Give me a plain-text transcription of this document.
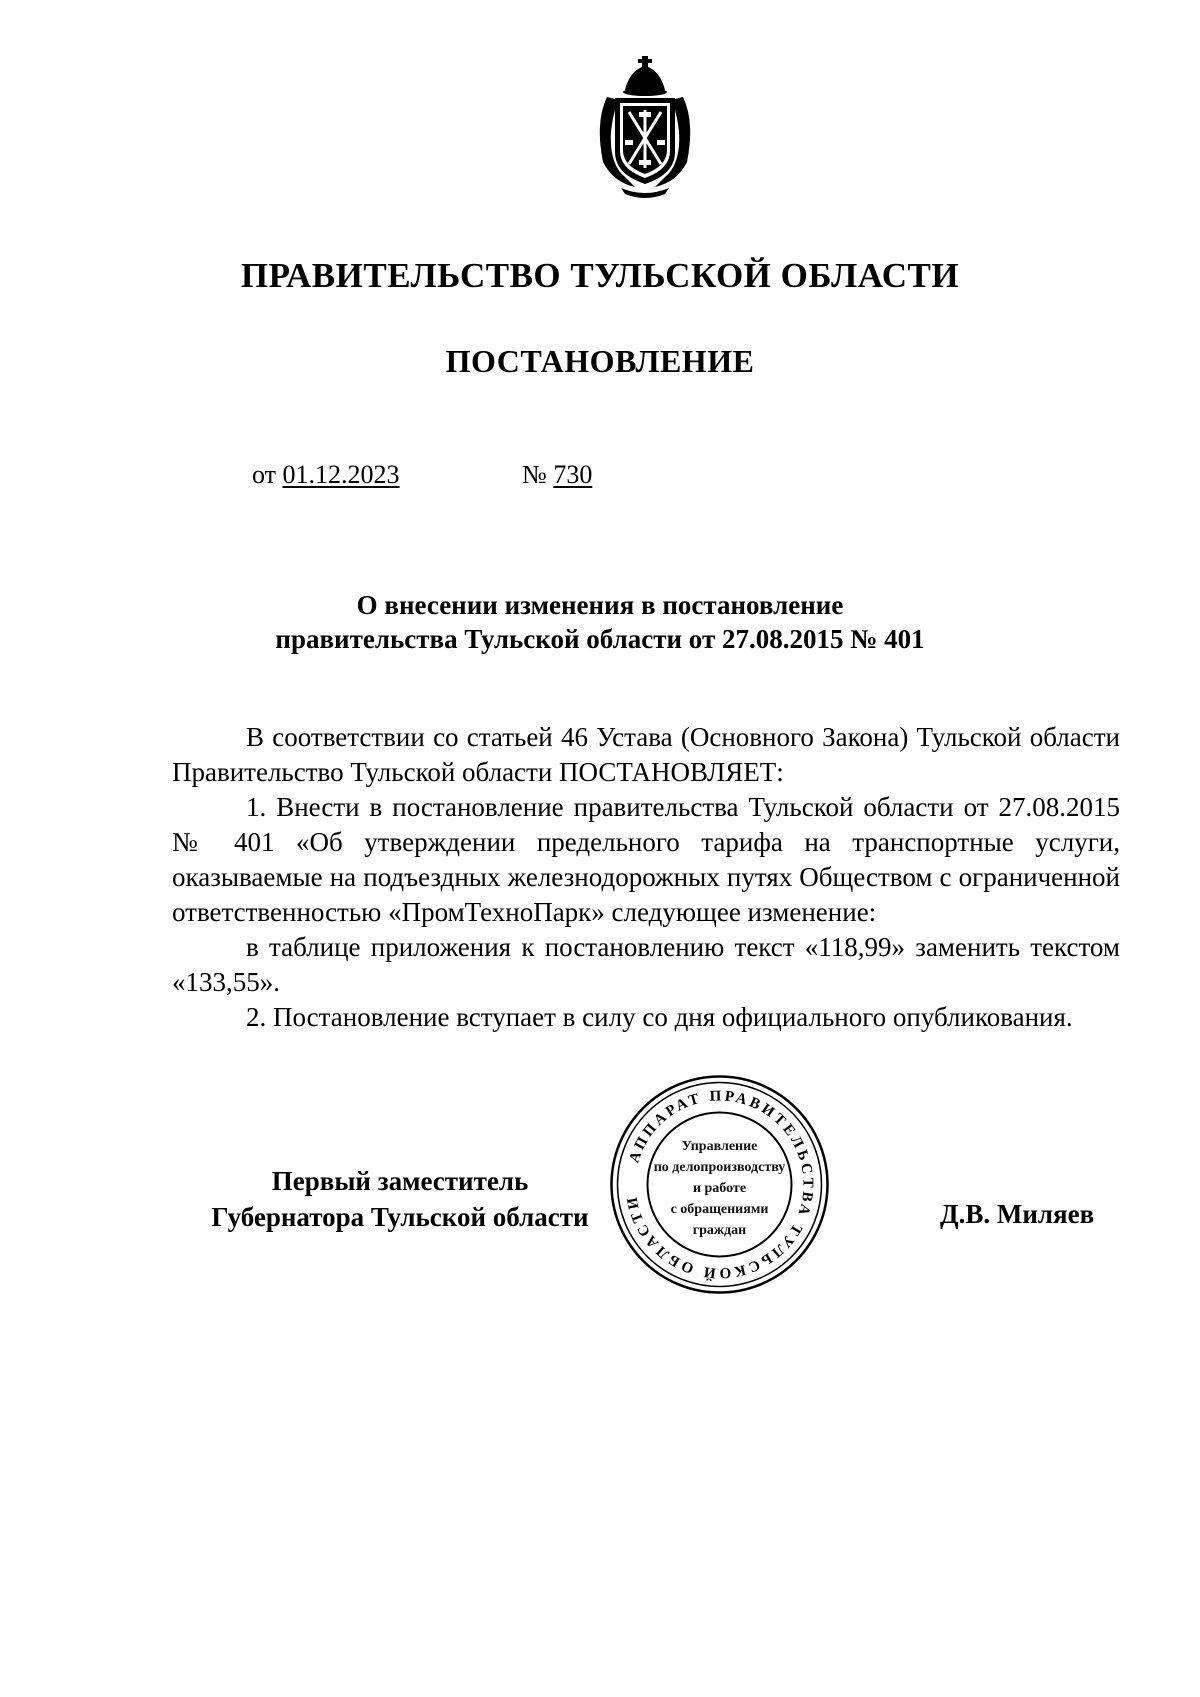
ПРАВИТЕЛЬСТВО ТУЛЬСКОЙ ОБЛАСТИ
ПОСТАНОВЛЕНИЕ
от 01.12.2023	№ 730
О внесении изменения в постановление
правительства Тульской области от 27.08.2015 № 401

В соответствии со статьей 46 Устава (Основного Закона) Тульской области Правительство Тульской области ПОСТАНОВЛЯЕТ:

1. Внести в постановление правительства Тульской области от 27.08.2015 № 401 «Об утверждении предельного тарифа на транспортные услуги, оказываемые на подъездных железнодорожных путях Обществом с ограниченной ответственностью «ПромТехноПарк» следующее изменение:

в таблице приложения к постановлению текст «118,99» заменить текстом «133,55».

2. Постановление вступает в силу со дня официального опубликования.

Первый заместитель
Губернатора Тульской области	Д.В. Миляев
АППАРАТ ПРАВИТЕЛЬСТВА ТУЛЬСКОЙ ОБЛАСТИ
Управление
по делопроизводству
и работе
с обращениями
граждан
